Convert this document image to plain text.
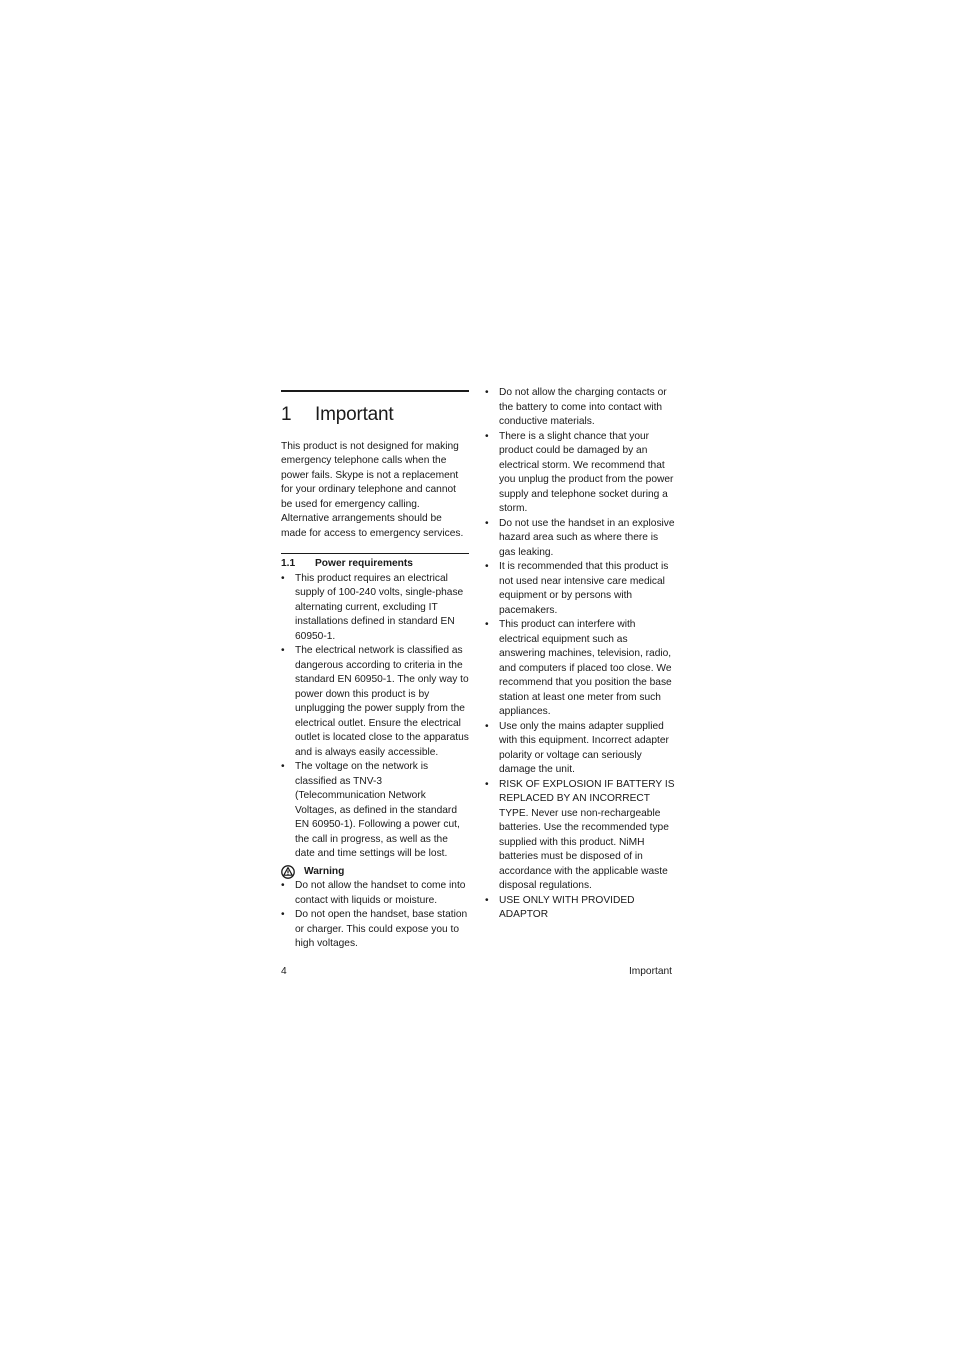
1	Important

This product is not designed for making emergency telephone calls when the power fails. Skype is not a replacement for your ordinary telephone and cannot be used for emergency calling. Alternative arrangements should be made for access to emergency services.

1.1	Power requirements
• This product requires an electrical supply of 100-240 volts, single-phase alternating current, excluding IT installations defined in standard EN 60950-1.
• The electrical network is classified as dangerous according to criteria in the standard EN 60950-1. The only way to power down this product is by unplugging the power supply from the electrical outlet. Ensure the electrical outlet is located close to the apparatus and is always easily accessible.
• The voltage on the network is classified as TNV-3 (Telecommunication Network Voltages, as defined in the standard EN 60950-1). Following a power cut, the call in progress, as well as the date and time settings will be lost.
Warning
• Do not allow the handset to come into contact with liquids or moisture.
• Do not open the handset, base station or charger. This could expose you to high voltages.
• Do not allow the charging contacts or the battery to come into contact with conductive materials.
• There is a slight chance that your product could be damaged by an electrical storm. We recommend that you unplug the product from the power supply and telephone socket during a storm.
• Do not use the handset in an explosive hazard area such as where there is gas leaking.
• It is recommended that this product is not used near intensive care medical equipment or by persons with pacemakers.
• This product can interfere with electrical equipment such as answering machines, television, radio, and computers if placed too close. We recommend that you position the base station at least one meter from such appliances.
• Use only the mains adapter supplied with this equipment. Incorrect adapter polarity or voltage can seriously damage the unit.
• RISK OF EXPLOSION IF BATTERY IS REPLACED BY AN INCORRECT TYPE. Never use non-rechargeable batteries. Use the recommended type supplied with this product. NiMH batteries must be disposed of in accordance with the applicable waste disposal regulations.
• USE ONLY WITH PROVIDED ADAPTOR
4	Important
